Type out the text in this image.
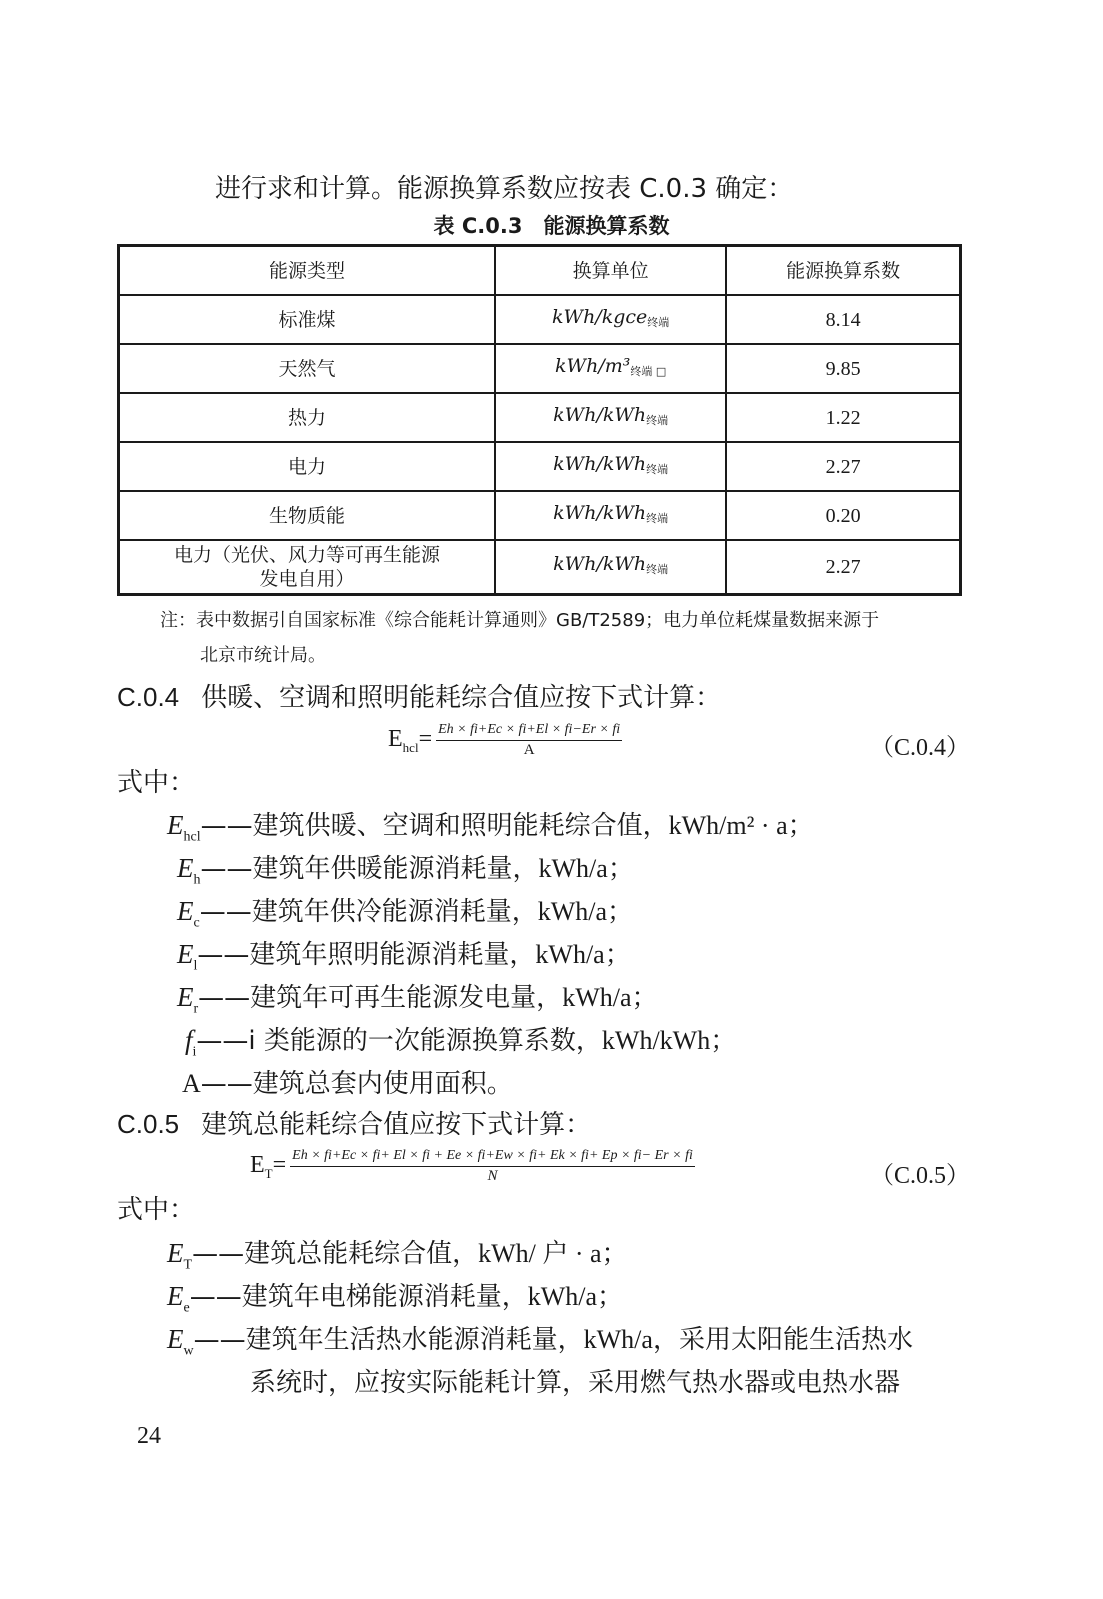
进行求和计算。能源换算系数应按表 C.0.3 确定：
表 C.0.3　能源换算系数
能源类型	换算单位	能源换算系数
标准煤	kWh/kgce终端	8.14
天然气	kWh/m³终端 □	9.85
热力	kWh/kWh终端	1.22
电力	kWh/kWh终端	2.27
生物质能	kWh/kWh终端	0.20
电力（光伏、风力等可再生能源
发电自用）	kWh/kWh终端	2.27
注：表中数据引自国家标准《综合能耗计算通则》GB/T2589；电力单位耗煤量数据来源于
北京市统计局。
C.0.4 供暖、空调和照明能耗综合值应按下式计算：
$E_{hcl}= \frac{Eh \times fi+Ec \times fi+El \times fi-Er \times fi}{A}$	（C.0.4）
式中：
$E_{hcl}——$建筑供暖、空调和照明能耗综合值，kWh/m² · a；
$E_h——$建筑年供暖能源消耗量，kWh/a；
$E_c——$建筑年供冷能源消耗量，kWh/a；
$E_l——$建筑年照明能源消耗量，kWh/a；
$E_r——$建筑年可再生能源发电量，kWh/a；
$f_i——i$ 类能源的一次能源换算系数，kWh/kWh；
A——建筑总套内使用面积。
C.0.5 建筑总能耗综合值应按下式计算：
$E_T= Eh \times fi+Ec \times fi+ El$ × fi + Ee × fi+Ew × fi+ Ek × fi+ Ep × fi− Er × fi
N	（C.0.5）
式中：
$E_T——$建筑总能耗综合值，kWh/ 户 · a；
$E_e——$建筑年电梯能源消耗量，kWh/a；
$E_w——$建筑年生活热水能源消耗量，kWh/a，采用太阳能生活热水
系统时，应按实际能耗计算，采用燃气热水器或电热水器
24
